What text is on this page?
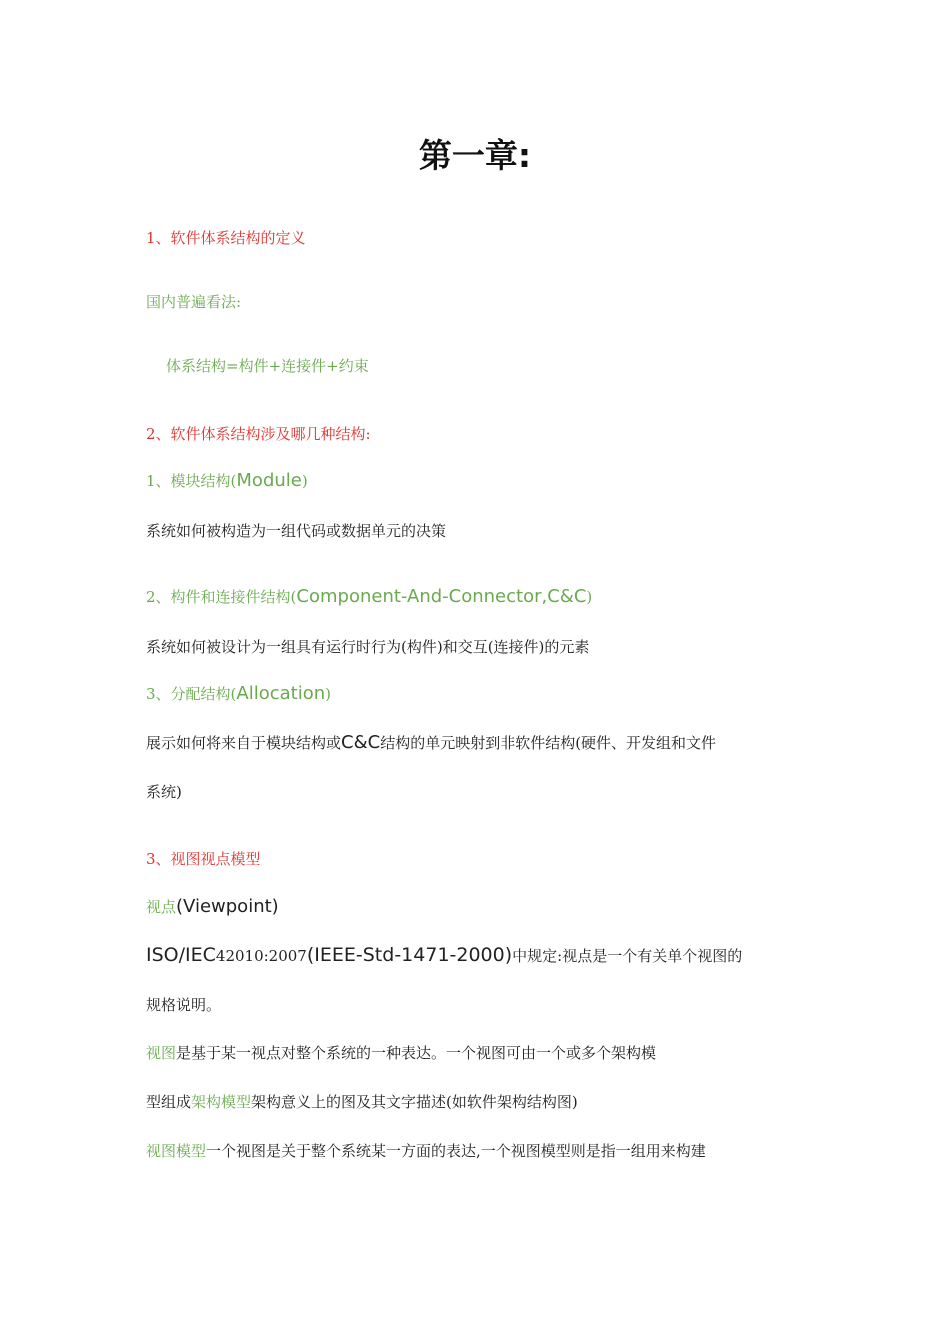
第一章:
1、软件体系结构的定义
国内普遍看法:
体系结构=构件+连接件+约束
2、软件体系结构涉及哪几种结构:
1、模块结构(Module)
系统如何被构造为一组代码或数据单元的决策
2、构件和连接件结构(Component-And-Connector,C&C)
系统如何被设计为一组具有运行时行为(构件)和交互(连接件)的元素
3、分配结构(Allocation)
展示如何将来自于模块结构或C&C结构的单元映射到非软件结构(硬件、开发组和文件
系统)
3、视图视点模型
视点(Viewpoint)
ISO/IEC42010:2007(IEEE-Std-1471-2000)中规定:视点是一个有关单个视图的
规格说明。
视图是基于某一视点对整个系统的一种表达。一个视图可由一个或多个架构模
型组成架构模型架构意义上的图及其文字描述(如软件架构结构图)
视图模型一个视图是关于整个系统某一方面的表达,一个视图模型则是指一组用来构建
